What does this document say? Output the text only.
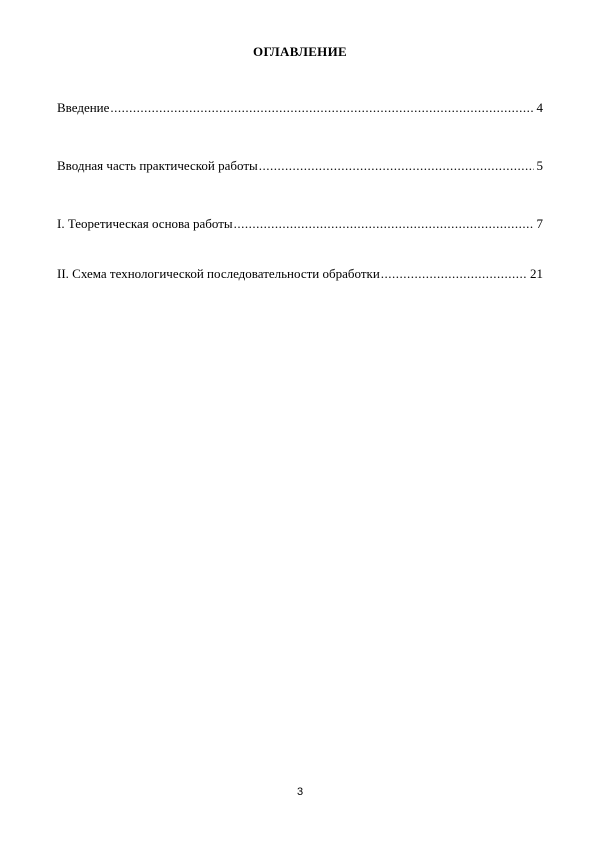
ОГЛАВЛЕНИЕ
Введение .....	4
Вводная часть практической работы .....	5
I. Теоретическая основа работы .....	7
II. Схема технологической последовательности обработки .....	21
3
